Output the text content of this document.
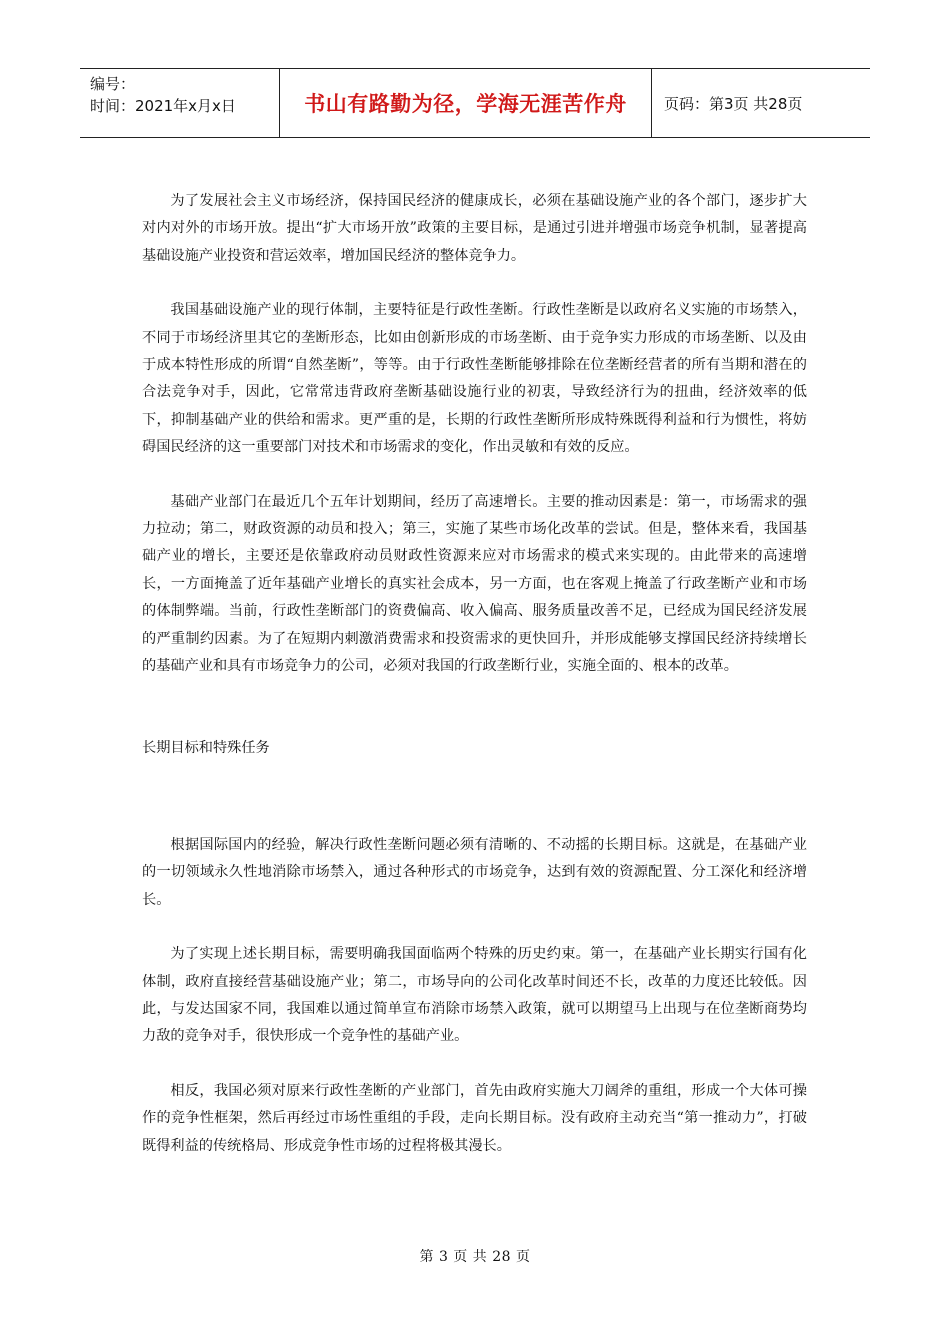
编号：
时间：2021年x月x日	书山有路勤为径，学海无涯苦作舟 页码：第3页 共28页

为了发展社会主义市场经济，保持国民经济的健康成长，必须在基础设施产业的各个部门，逐步扩大对内对外的市场开放。提出“扩大市场开放”政策的主要目标，是通过引进并增强市场竞争机制，显著提高基础设施产业投资和营运效率，增加国民经济的整体竞争力。

我国基础设施产业的现行体制，主要特征是行政性垄断。行政性垄断是以政府名义实施的市场禁入，不同于市场经济里其它的垄断形态，比如由创新形成的市场垄断、由于竞争实力形成的市场垄断、以及由于成本特性形成的所谓“自然垄断”，等等。由于行政性垄断能够排除在位垄断经营者的所有当期和潜在的合法竞争对手，因此，它常常违背政府垄断基础设施行业的初衷，导致经济行为的扭曲，经济效率的低下，抑制基础产业的供给和需求。更严重的是，长期的行政性垄断所形成特殊既得利益和行为惯性，将妨碍国民经济的这一重要部门对技术和市场需求的变化，作出灵敏和有效的反应。

基础产业部门在最近几个五年计划期间，经历了高速增长。主要的推动因素是：第一，市场需求的强力拉动；第二，财政资源的动员和投入；第三，实施了某些市场化改革的尝试。但是，整体来看，我国基础产业的增长，主要还是依靠政府动员财政性资源来应对市场需求的模式来实现的。由此带来的高速增长，一方面掩盖了近年基础产业增长的真实社会成本，另一方面，也在客观上掩盖了行政垄断产业和市场的体制弊端。当前，行政性垄断部门的资费偏高、收入偏高、服务质量改善不足，已经成为国民经济发展的严重制约因素。为了在短期内刺激消费需求和投资需求的更快回升，并形成能够支撑国民经济持续增长的基础产业和具有市场竞争力的公司，必须对我国的行政垄断行业，实施全面的、根本的改革。

长期目标和特殊任务

根据国际国内的经验，解决行政性垄断问题必须有清晰的、不动摇的长期目标。这就是，在基础产业的一切领域永久性地消除市场禁入，通过各种形式的市场竞争，达到有效的资源配置、分工深化和经济增长。

为了实现上述长期目标，需要明确我国面临两个特殊的历史约束。第一，在基础产业长期实行国有化体制，政府直接经营基础设施产业；第二，市场导向的公司化改革时间还不长，改革的力度还比较低。因此，与发达国家不同，我国难以通过简单宣布消除市场禁入政策，就可以期望马上出现与在位垄断商势均力敌的竞争对手，很快形成一个竞争性的基础产业。

相反，我国必须对原来行政性垄断的产业部门，首先由政府实施大刀阔斧的重组，形成一个大体可操作的竞争性框架，然后再经过市场性重组的手段，走向长期目标。没有政府主动充当“第一推动力”，打破既得利益的传统格局、形成竞争性市场的过程将极其漫长。

第 3 页 共 28 页
